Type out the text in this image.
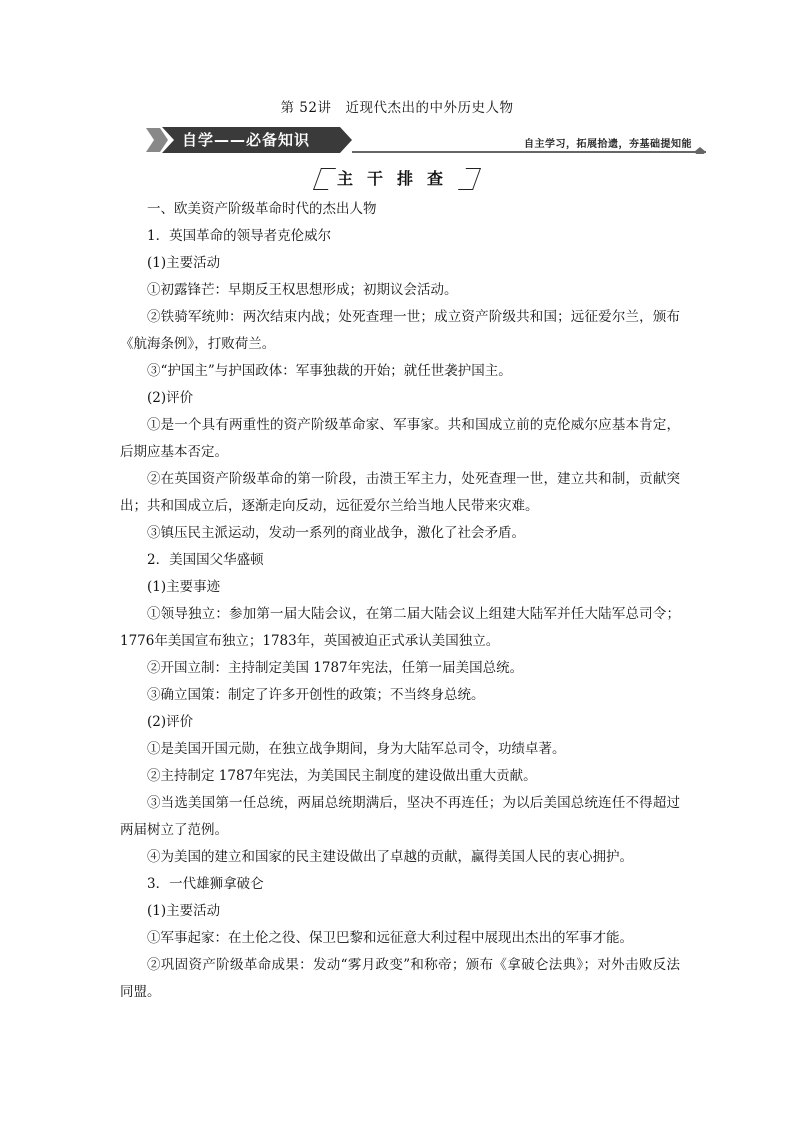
第 52讲　近现代杰出的中外历史人物
自学——必备知识	自主学习，拓展拾遗，夯基础提知能
主干排查

一、欧美资产阶级革命时代的杰出人物

1．英国革命的领导者克伦威尔

(1)主要活动

①初露锋芒：早期反王权思想形成；初期议会活动。

②铁骑军统帅：两次结束内战；处死查理一世；成立资产阶级共和国；远征爱尔兰，颁布《航海条例》，打败荷兰。

③“护国主”与护国政体：军事独裁的开始；就任世袭护国主。

(2)评价

①是一个具有两重性的资产阶级革命家、军事家。共和国成立前的克伦威尔应基本肯定，后期应基本否定。

②在英国资产阶级革命的第一阶段，击溃王军主力，处死查理一世，建立共和制，贡献突出；共和国成立后，逐渐走向反动，远征爱尔兰给当地人民带来灾难。

③镇压民主派运动，发动一系列的商业战争，激化了社会矛盾。

2．美国国父华盛顿

(1)主要事迹

①领导独立：参加第一届大陆会议，在第二届大陆会议上组建大陆军并任大陆军总司令；1776年美国宣布独立；1783年，英国被迫正式承认美国独立。

②开国立制：主持制定美国 1787年宪法，任第一届美国总统。

③确立国策：制定了许多开创性的政策；不当终身总统。

(2)评价

①是美国开国元勋，在独立战争期间，身为大陆军总司令，功绩卓著。

②主持制定 1787年宪法，为美国民主制度的建设做出重大贡献。

③当选美国第一任总统，两届总统期满后，坚决不再连任；为以后美国总统连任不得超过两届树立了范例。

④为美国的建立和国家的民主建设做出了卓越的贡献，赢得美国人民的衷心拥护。

3．一代雄狮拿破仑

(1)主要活动

①军事起家：在土伦之役、保卫巴黎和远征意大利过程中展现出杰出的军事才能。

②巩固资产阶级革命成果：发动“雾月政变”和称帝；颁布《拿破仑法典》；对外击败反法同盟。
